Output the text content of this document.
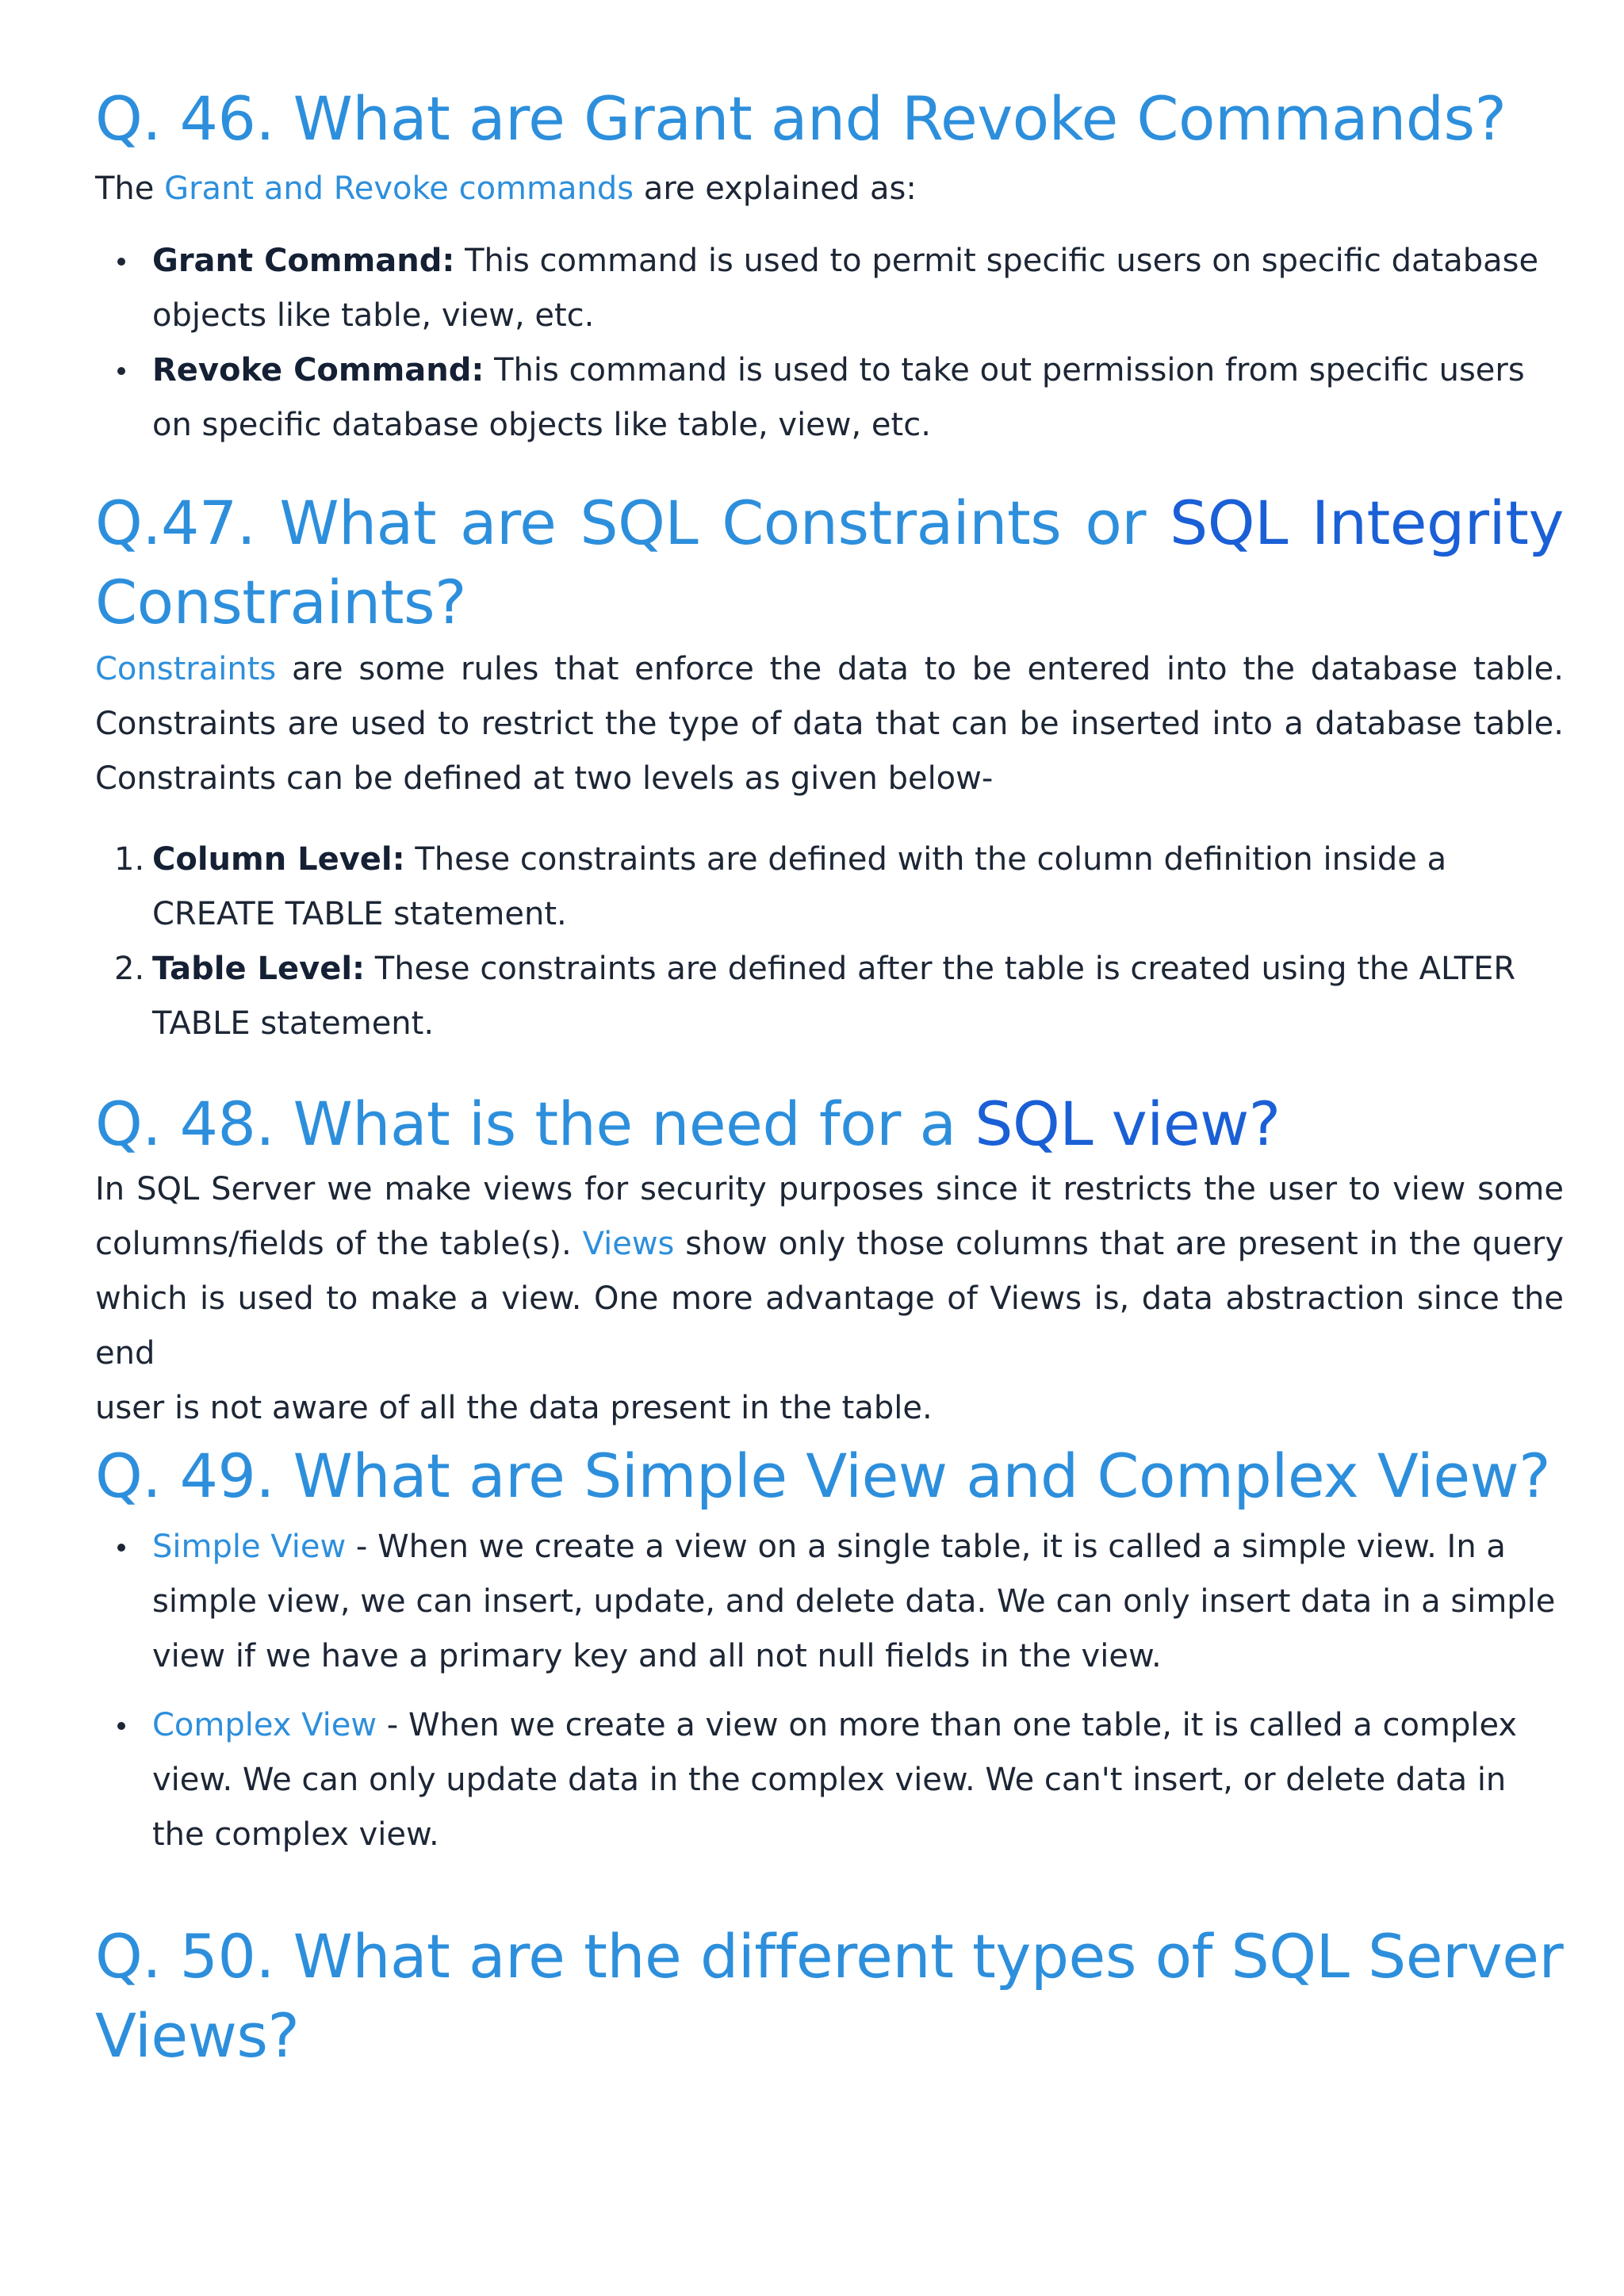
Q. 46. What are Grant and Revoke Commands?

The Grant and Revoke commands are explained as:

Grant Command: This command is used to permit specific users on specific database objects like table, view, etc.
Revoke Command: This command is used to take out permission from specific users on specific database objects like table, view, etc.
Q.47. What are SQL Constraints or SQL Integrity
Constraints?

Constraints are some rules that enforce the data to be entered into the database table. Constraints are used to restrict the type of data that can be inserted into a database table. Constraints can be defined at two levels as given below-

1. Column Level: These constraints are defined with the column definition inside a CREATE TABLE statement.
2. Table Level: These constraints are defined after the table is created using the ALTER TABLE statement.
Q. 48. What is the need for a SQL view?

In SQL Server we make views for security purposes since it restricts the user to view some columns/fields of the table(s). Views show only those columns that are present in the query which is used to make a view. One more advantage of Views is, data abstraction since the end

user is not aware of all the data present in the table.

Q. 49. What are Simple View and Complex View?
Simple View - When we create a view on a single table, it is called a simple view. In a simple view, we can insert, update, and delete data. We can only insert data in a simple view if we have a primary key and all not null fields in the view.
Complex View - When we create a view on more than one table, it is called a complex view. We can only update data in the complex view. We can't insert, or delete data in the complex view.
Q. 50. What are the different types of SQL Server
Views?
